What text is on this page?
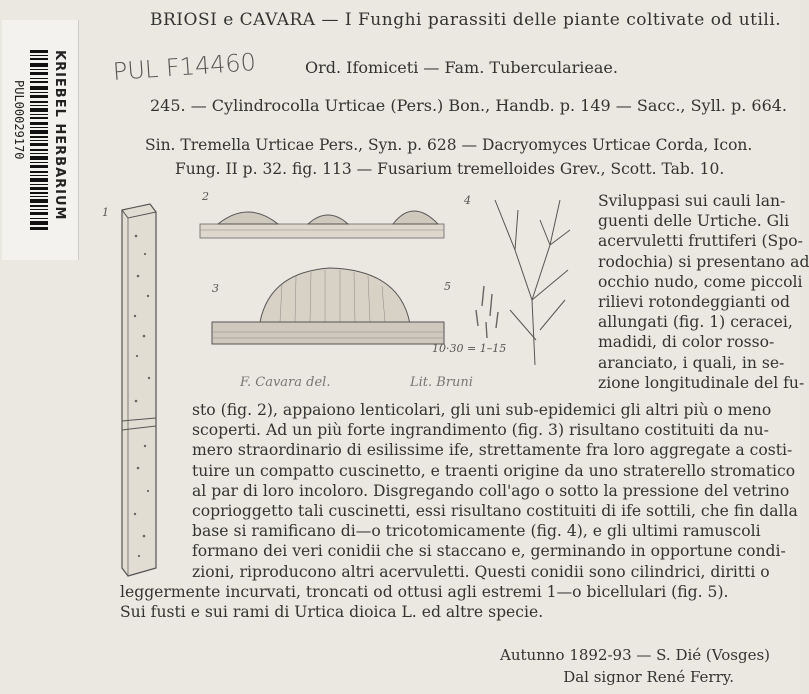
KRIEBEL HERBARIUM
PUL00029170
BRIOSI e CAVARA — I Funghi parassiti delle piante coltivate od utili.
PUL F14460	Ord. Ifomiceti — Fam. Tubercularieae.
245. — Cylindrocolla Urticae (Pers.) Bon., Handb. p. 149 — Sacc., Syll. p. 664.
Sin. Tremella Urticae Pers., Syn. p. 628 — Dacryomyces Urticae Corda, Icon.
Fung. II p. 32. fig. 113 — Fusarium tremelloides Grev., Scott. Tab. 10.
1
2
3
4
5
10·30 = 1–15
F. Cavara del.	Lit. Bruni
Sviluppasi sui cauli lan-
guenti delle Urtiche. Gli
acervuletti fruttiferi (Spo-
rodochia) si presentano ad
occhio nudo, come piccoli
rilievi rotondeggianti od
allungati (fig. 1) ceracei,
madidi, di color rosso-
aranciato, i quali, in se-
zione longitudinale del fu-
sto (fig. 2), appaiono lenticolari, gli uni sub-epidemici gli altri più o meno
scoperti. Ad un più forte ingrandimento (fig. 3) risultano costituiti da nu-
mero straordinario di esilissime ife, strettamente fra loro aggregate a costi-
tuire un compatto cuscinetto, e traenti origine da uno straterello stromatico
al par di loro incoloro. Disgregando coll'ago o sotto la pressione del vetrino
coprioggetto tali cuscinetti, essi risultano costituiti di ife sottili, che fin dalla
base si ramificano di—o tricotomicamente (fig. 4), e gli ultimi ramuscoli
formano dei veri conidii che si staccano e, germinando in opportune condi-
zioni, riproducono altri acervuletti. Questi conidii sono cilindrici, diritti o
leggermente incurvati, troncati od ottusi agli estremi 1—o bicellulari (fig. 5).
Sui fusti e sui rami di Urtica dioica L. ed altre specie.
Autunno 1892-93 — S. Dié (Vosges)
Dal signor René Ferry.
